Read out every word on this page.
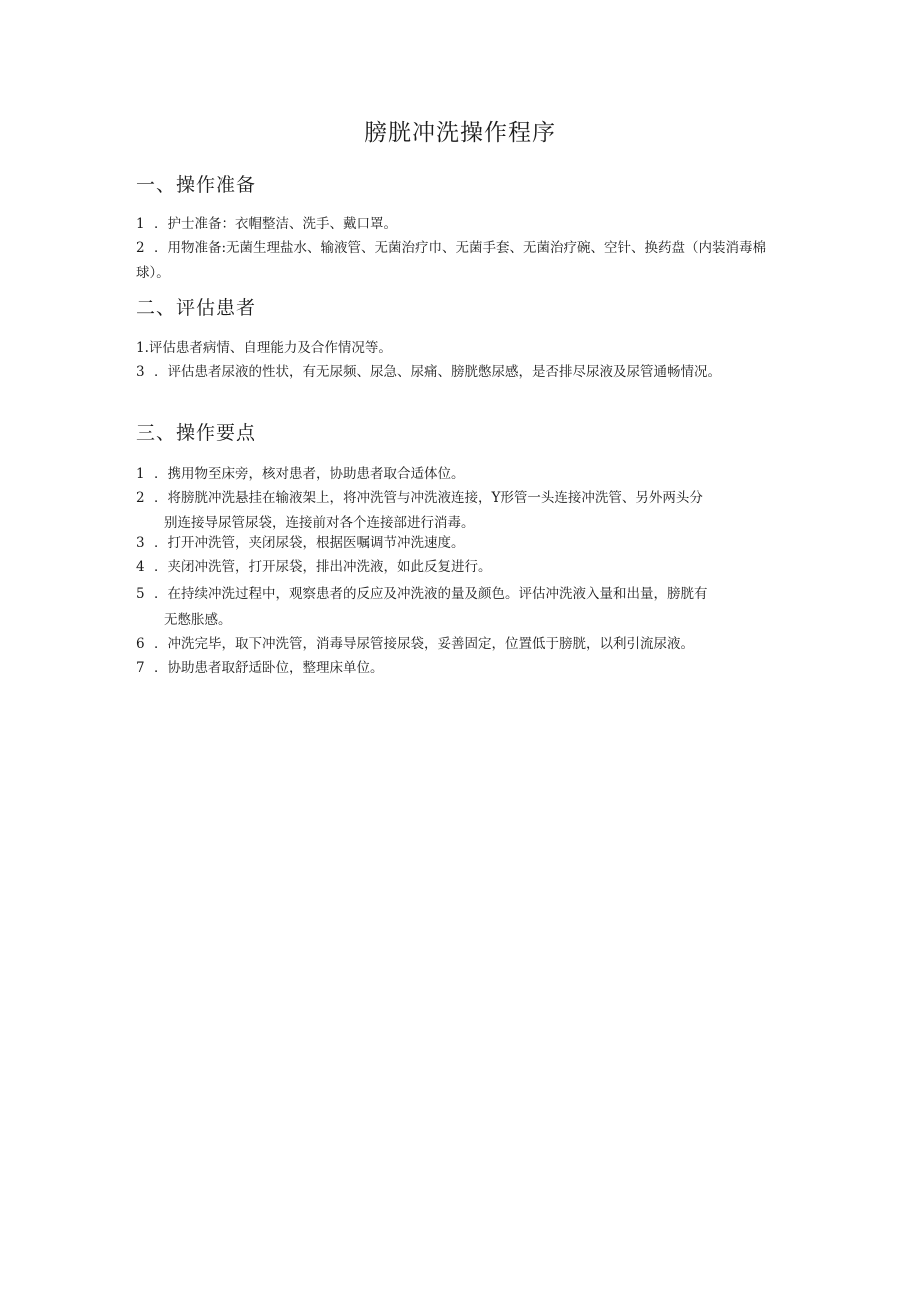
膀胱冲洗操作程序
一、操作准备

1 ．护士准备：衣帽整洁、洗手、戴口罩。

2 ．用物准备:无菌生理盐水、输液管、无菌治疗巾、无菌手套、无菌治疗碗、空针、换药盘（内装消毒棉球）。

二、评估患者

1.评估患者病情、自理能力及合作情况等。

3 ．评估患者尿液的性状，有无尿频、尿急、尿痛、膀胱憋尿感，是否排尽尿液及尿管通畅情况。

三、操作要点

1 ．携用物至床旁，核对患者，协助患者取合适体位。

2 ．将膀胱冲洗悬挂在输液架上，将冲洗管与冲洗液连接，Y形管一头连接冲洗管、另外两头分
别连接导尿管尿袋，连接前对各个连接部进行消毒。

3 ．打开冲洗管，夹闭尿袋，根据医嘱调节冲洗速度。

4 ．夹闭冲洗管，打开尿袋，排出冲洗液，如此反复进行。

5 ．在持续冲洗过程中，观察患者的反应及冲洗液的量及颜色。评估冲洗液入量和出量，膀胱有
无憋胀感。

6 ．冲洗完毕，取下冲洗管，消毒导尿管接尿袋，妥善固定，位置低于膀胱，以利引流尿液。

7 ．协助患者取舒适卧位，整理床单位。
